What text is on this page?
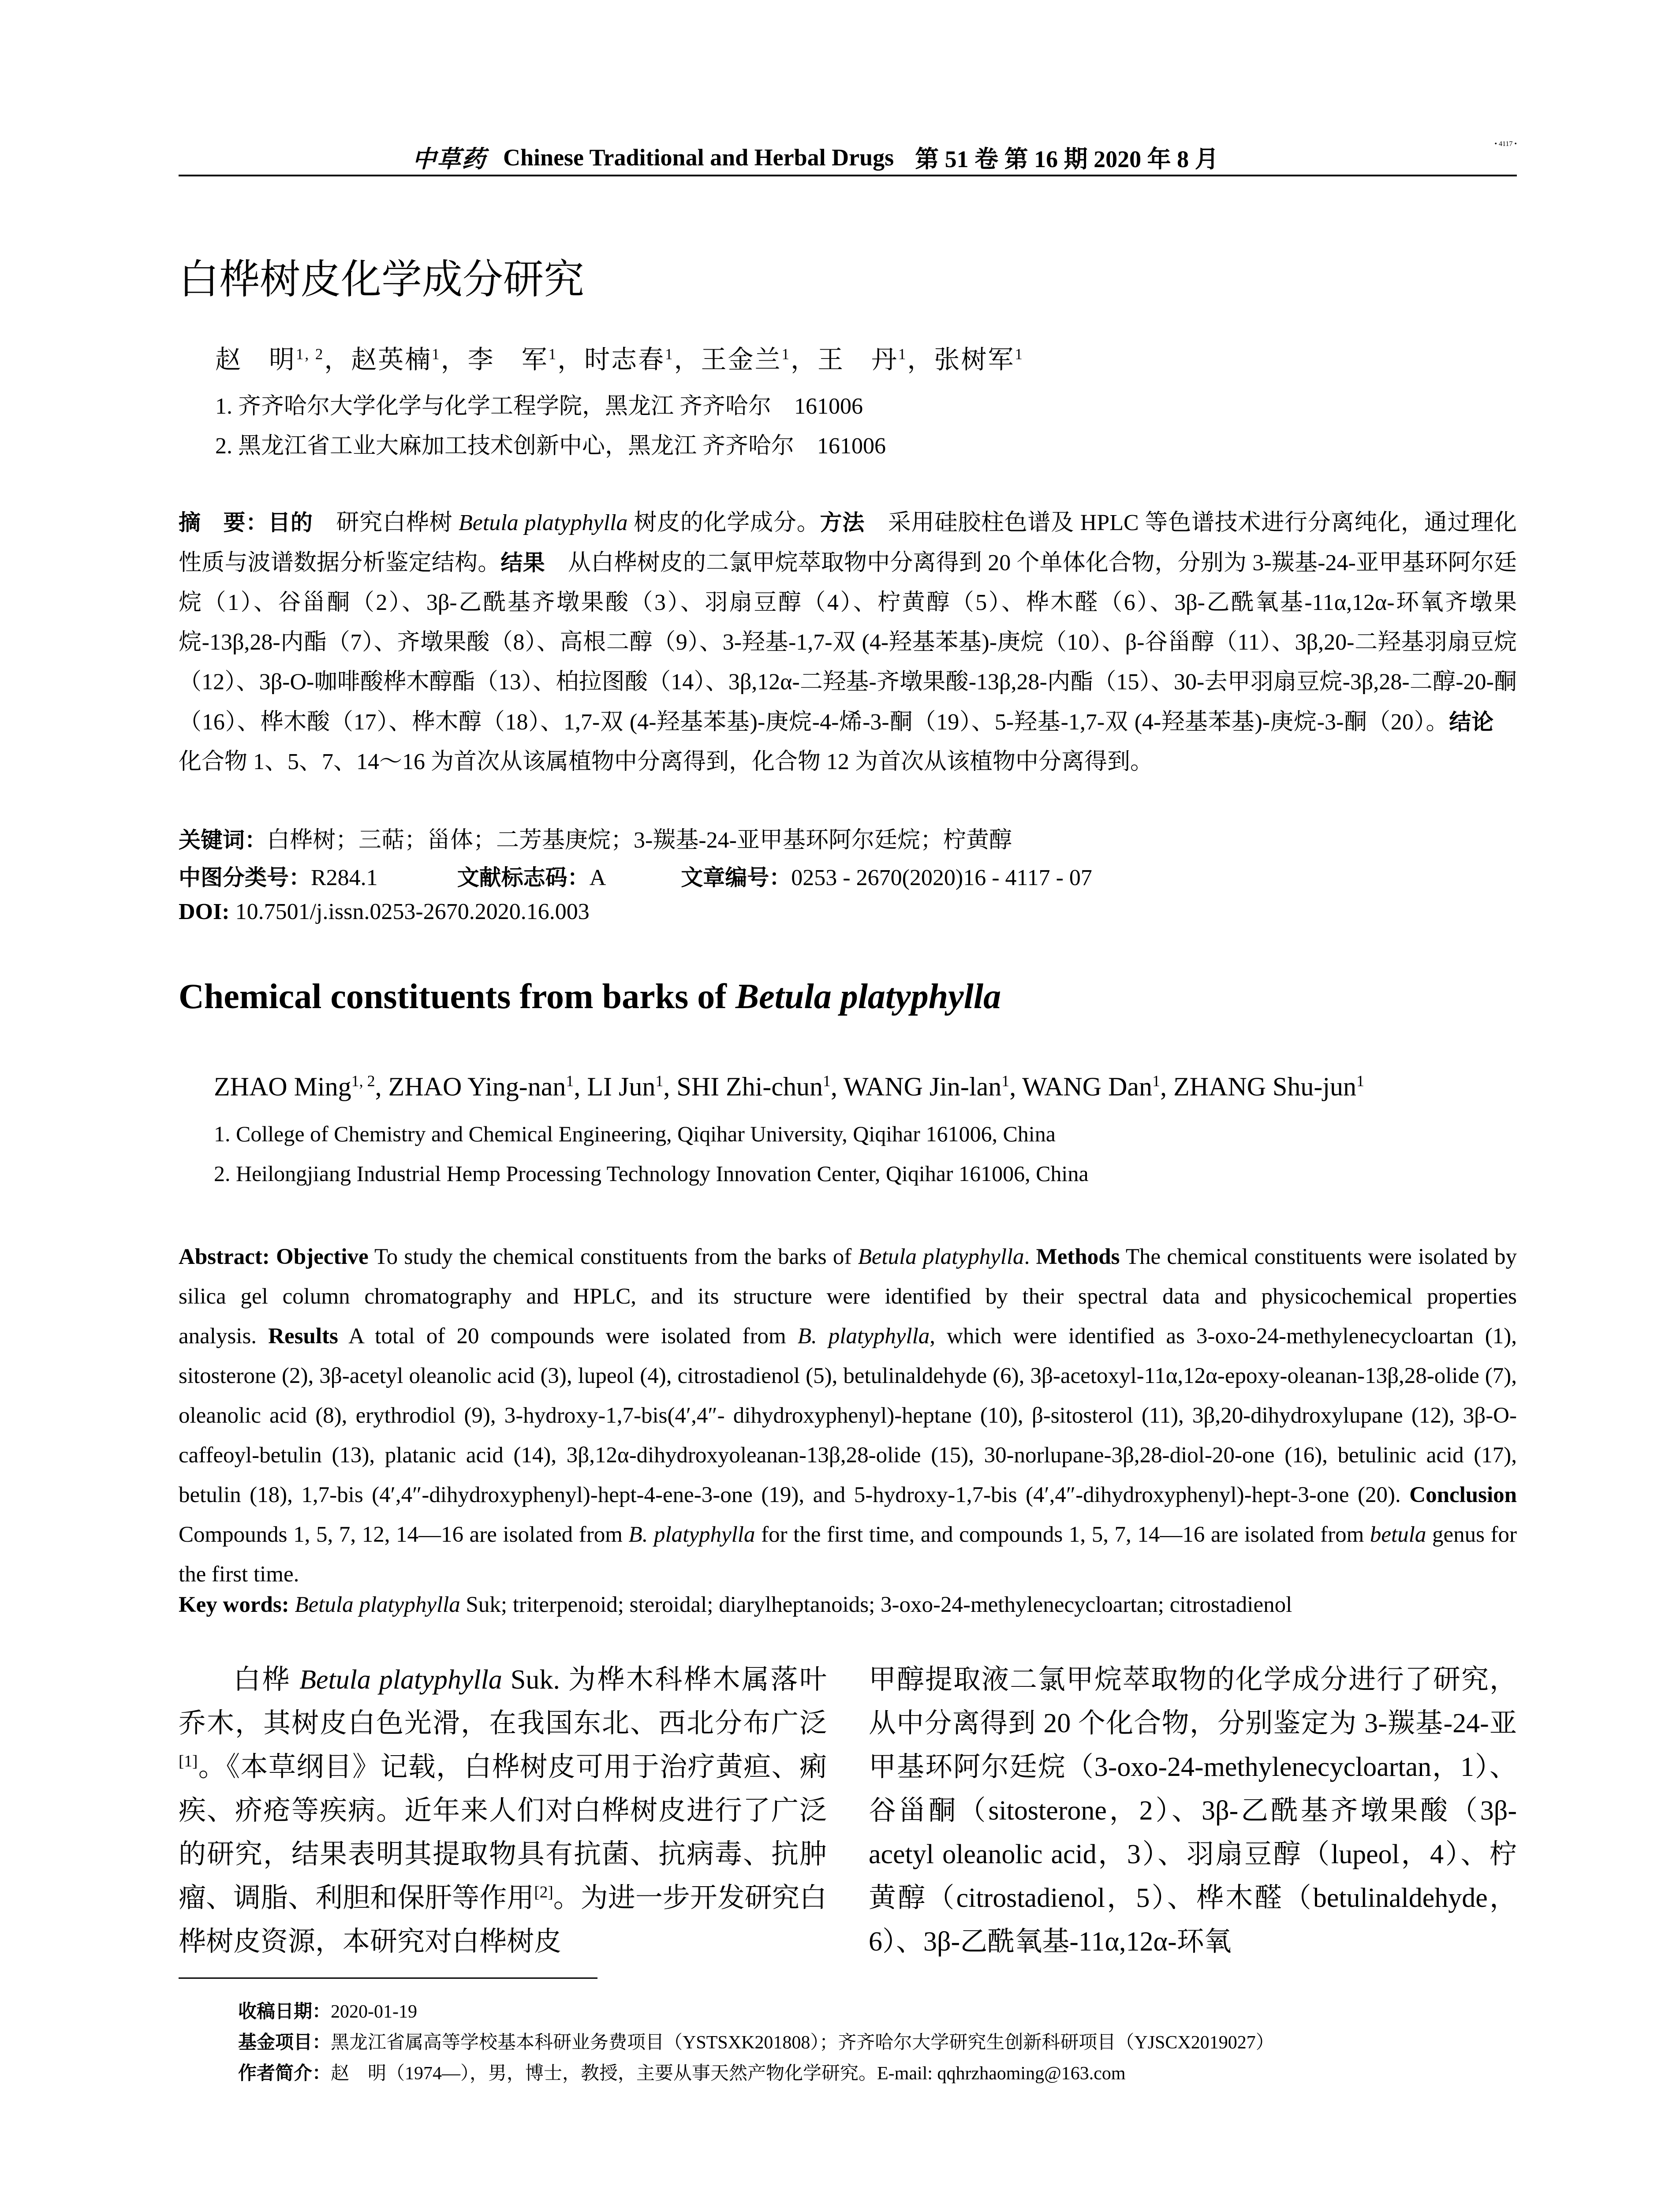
中草药 Chinese Traditional and Herbal Drugs 第 51 卷 第 16 期 2020 年 8 月
• 4117 •
白桦树皮化学成分研究
赵　明$^{1, 2}$，赵英楠$^1$，李　军$^1$，时志春$^1$，王金兰$^1$，王　丹$^1$，张树军$^1$
1. 齐齐哈尔大学化学与化学工程学院，黑龙江 齐齐哈尔　161006
2. 黑龙江省工业大麻加工技术创新中心，黑龙江 齐齐哈尔　161006

摘　要：目的　研究白桦树 Betula platyphylla 树皮的化学成分。方法　采用硅胶柱色谱及 HPLC 等色谱技术进行分离纯化，通过理化性质与波谱数据分析鉴定结构。结果　从白桦树皮的二氯甲烷萃取物中分离得到 20 个单体化合物，分别为 3-羰基-24-亚甲基环阿尔廷烷（1）、谷甾酮（2）、3β-乙酰基齐墩果酸（3）、羽扇豆醇（4）、柠黄醇（5）、桦木醛（6）、3β-乙酰氧基-11α,12α-环氧齐墩果烷-13β,28-内酯（7）、齐墩果酸（8）、高根二醇（9）、3-羟基-1,7-双 (4-羟基苯基)-庚烷（10）、β-谷甾醇（11）、3β,20-二羟基羽扇豆烷（12）、3β-O-咖啡酸桦木醇酯（13）、柏拉图酸（14）、3β,12α-二羟基-齐墩果酸-13β,28-内酯（15）、30-去甲羽扇豆烷-3β,28-二醇-20-酮（16）、桦木酸（17）、桦木醇（18）、1,7-双 (4-羟基苯基)-庚烷-4-烯-3-酮（19）、5-羟基-1,7-双 (4-羟基苯基)-庚烷-3-酮（20）。结论　化合物 1、5、7、14～16 为首次从该属植物中分离得到，化合物 12 为首次从该植物中分离得到。

关键词：白桦树；三萜；甾体；二芳基庚烷；3-羰基-24-亚甲基环阿尔廷烷；柠黄醇
中图分类号：R284.1	文献标志码：A	文章编号：0253 - 2670(2020)16 - 4117 - 07
DOI: 10.7501/j.issn.0253-2670.2020.16.003
Chemical constituents from barks of Betula platyphylla
ZHAO Ming$^{1, 2}$, ZHAO Ying-nan$^1$, LI Jun$^1$, SHI Zhi-chun$^1$, WANG Jin-lan$^1$, WANG Dan$^1$, ZHANG Shu-jun$^1$
1. College of Chemistry and Chemical Engineering, Qiqihar University, Qiqihar 161006, China
2. Heilongjiang Industrial Hemp Processing Technology Innovation Center, Qiqihar 161006, China

Abstract: Objective To study the chemical constituents from the barks of Betula platyphylla. Methods The chemical constituents were isolated by silica gel column chromatography and HPLC, and its structure were identified by their spectral data and physicochemical properties analysis. Results A total of 20 compounds were isolated from B. platyphylla, which were identified as 3-oxo-24-methylenecycloartan (1), sitosterone (2), 3β-acetyl oleanolic acid (3), lupeol (4), citrostadienol (5), betulinaldehyde (6), 3β-acetoxyl-11α,12α-epoxy-oleanan-13β,28-olide (7), oleanolic acid (8), erythrodiol (9), 3-hydroxy-1,7-bis(4′,4″- dihydroxyphenyl)-heptane (10), β-sitosterol (11), 3β,20-dihydroxylupane (12), 3β-O-caffeoyl-betulin (13), platanic acid (14), 3β,12α-dihydroxyoleanan-13β,28-olide (15), 30-norlupane-3β,28-diol-20-one (16), betulinic acid (17), betulin (18), 1,7-bis (4′,4″-dihydroxyphenyl)-hept-4-ene-3-one (19), and 5-hydroxy-1,7-bis (4′,4″-dihydroxyphenyl)-hept-3-one (20). Conclusion Compounds 1, 5, 7, 12, 14—16 are isolated from B. platyphylla for the first time, and compounds 1, 5, 7, 14—16 are isolated from betula genus for the first time.

Key words: Betula platyphylla Suk; triterpenoid; steroidal; diarylheptanoids; 3-oxo-24-methylenecycloartan; citrostadienol

白桦 Betula platyphylla Suk. 为桦木科桦木属落叶乔木，其树皮白色光滑，在我国东北、西北分布广泛[1]。《本草纲目》记载，白桦树皮可用于治疗黄疸、痢疾、疥疮等疾病。近年来人们对白桦树皮进行了广泛的研究，结果表明其提取物具有抗菌、抗病毒、抗肿瘤、调脂、利胆和保肝等作用[2]。为进一步开发研究白桦树皮资源，本研究对白桦树皮

甲醇提取液二氯甲烷萃取物的化学成分进行了研究，从中分离得到 20 个化合物，分别鉴定为 3-羰基-24-亚甲基环阿尔廷烷（3-oxo-24-methylenecycloartan，1）、谷甾酮（sitosterone，2）、3β-乙酰基齐墩果酸（3β-acetyl oleanolic acid，3）、羽扇豆醇（lupeol，4）、柠黄醇（citrostadienol，5）、桦木醛（betulinaldehyde，6）、3β-乙酰氧基-11α,12α-环氧

收稿日期：2020-01-19
基金项目：黑龙江省属高等学校基本科研业务费项目（YSTSXK201808）；齐齐哈尔大学研究生创新科研项目（YJSCX2019027）
作者简介：赵　明（1974—），男，博士，教授，主要从事天然产物化学研究。E-mail: qqhrzhaoming@163.com
